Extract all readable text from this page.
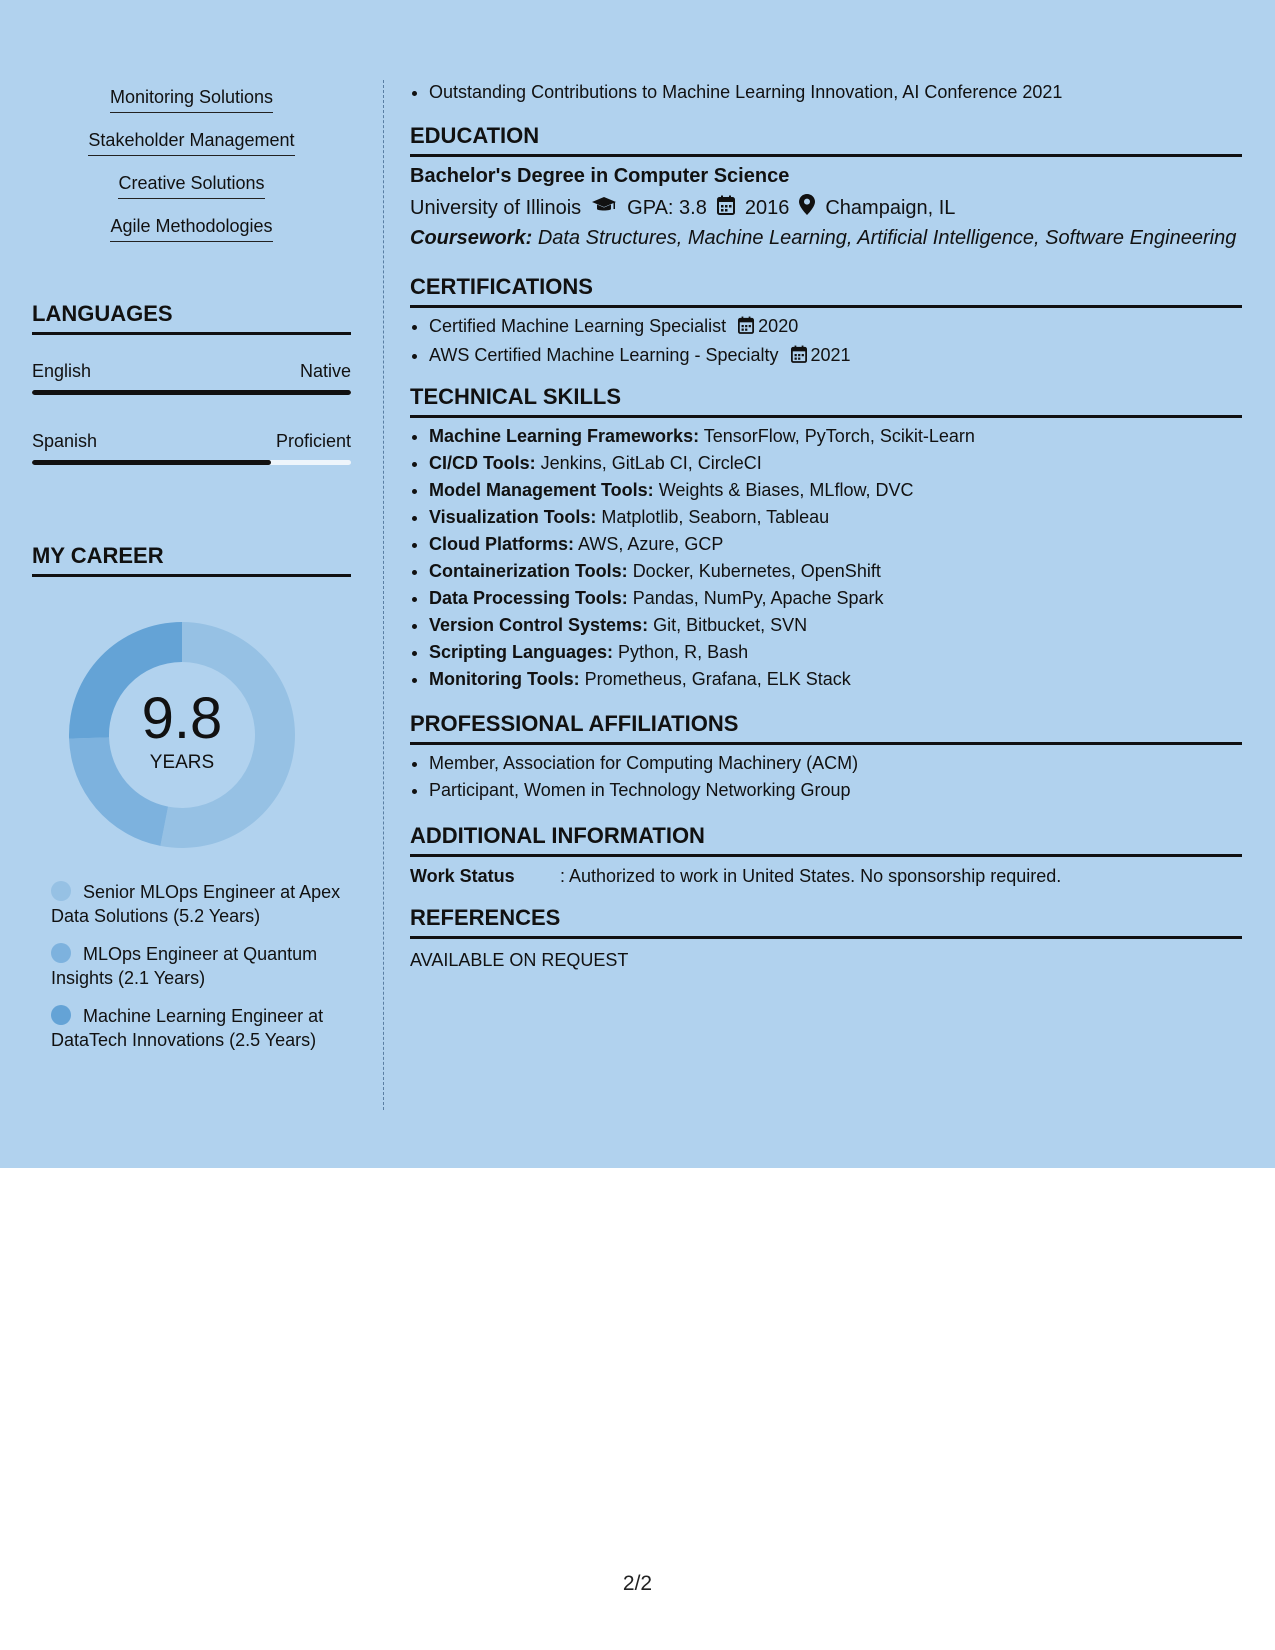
Monitoring Solutions
Stakeholder Management
Creative Solutions
Agile Methodologies
LANGUAGES
English	Native
Spanish	Proficient
MY CAREER
9.8
YEARS
Senior MLOps Engineer at Apex Data Solutions (5.2 Years)
MLOps Engineer at Quantum Insights (2.1 Years)
Machine Learning Engineer at DataTech Innovations (2.5 Years)
• Outstanding Contributions to Machine Learning Innovation, AI Conference 2021
EDUCATION
Bachelor's Degree in Computer Science
University of Illinois GPA: 3.8 2016 Champaign, IL
Coursework: Data Structures, Machine Learning, Artificial Intelligence, Software Engineering
CERTIFICATIONS
• Certified Machine Learning Specialist 2020
• AWS Certified Machine Learning - Specialty 2021
TECHNICAL SKILLS
• Machine Learning Frameworks: TensorFlow, PyTorch, Scikit-Learn
• CI/CD Tools: Jenkins, GitLab CI, CircleCI
• Model Management Tools: Weights & Biases, MLflow, DVC
• Visualization Tools: Matplotlib, Seaborn, Tableau
• Cloud Platforms: AWS, Azure, GCP
• Containerization Tools: Docker, Kubernetes, OpenShift
• Data Processing Tools: Pandas, NumPy, Apache Spark
• Version Control Systems: Git, Bitbucket, SVN
• Scripting Languages: Python, R, Bash
• Monitoring Tools: Prometheus, Grafana, ELK Stack
PROFESSIONAL AFFILIATIONS
• Member, Association for Computing Machinery (ACM)
• Participant, Women in Technology Networking Group
ADDITIONAL INFORMATION
Work Status	: Authorized to work in United States. No sponsorship required.
REFERENCES
AVAILABLE ON REQUEST
2/2
